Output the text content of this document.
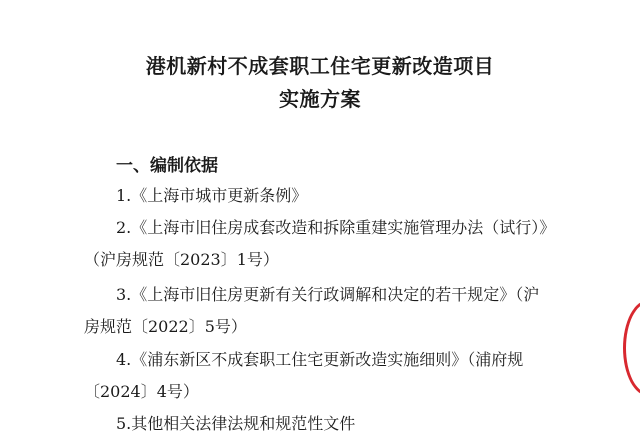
港机新村不成套职工住宅更新改造项目
实施方案
一、编制依据
1.《上海市城市更新条例》
2.《上海市旧住房成套改造和拆除重建实施管理办法（试行）》
（沪房规范〔2023〕1号）
3.《上海市旧住房更新有关行政调解和决定的若干规定》（沪
房规范〔2022〕5号）
4.《浦东新区不成套职工住宅更新改造实施细则》（浦府规
〔2024〕4号）
5.其他相关法律法规和规范性文件
